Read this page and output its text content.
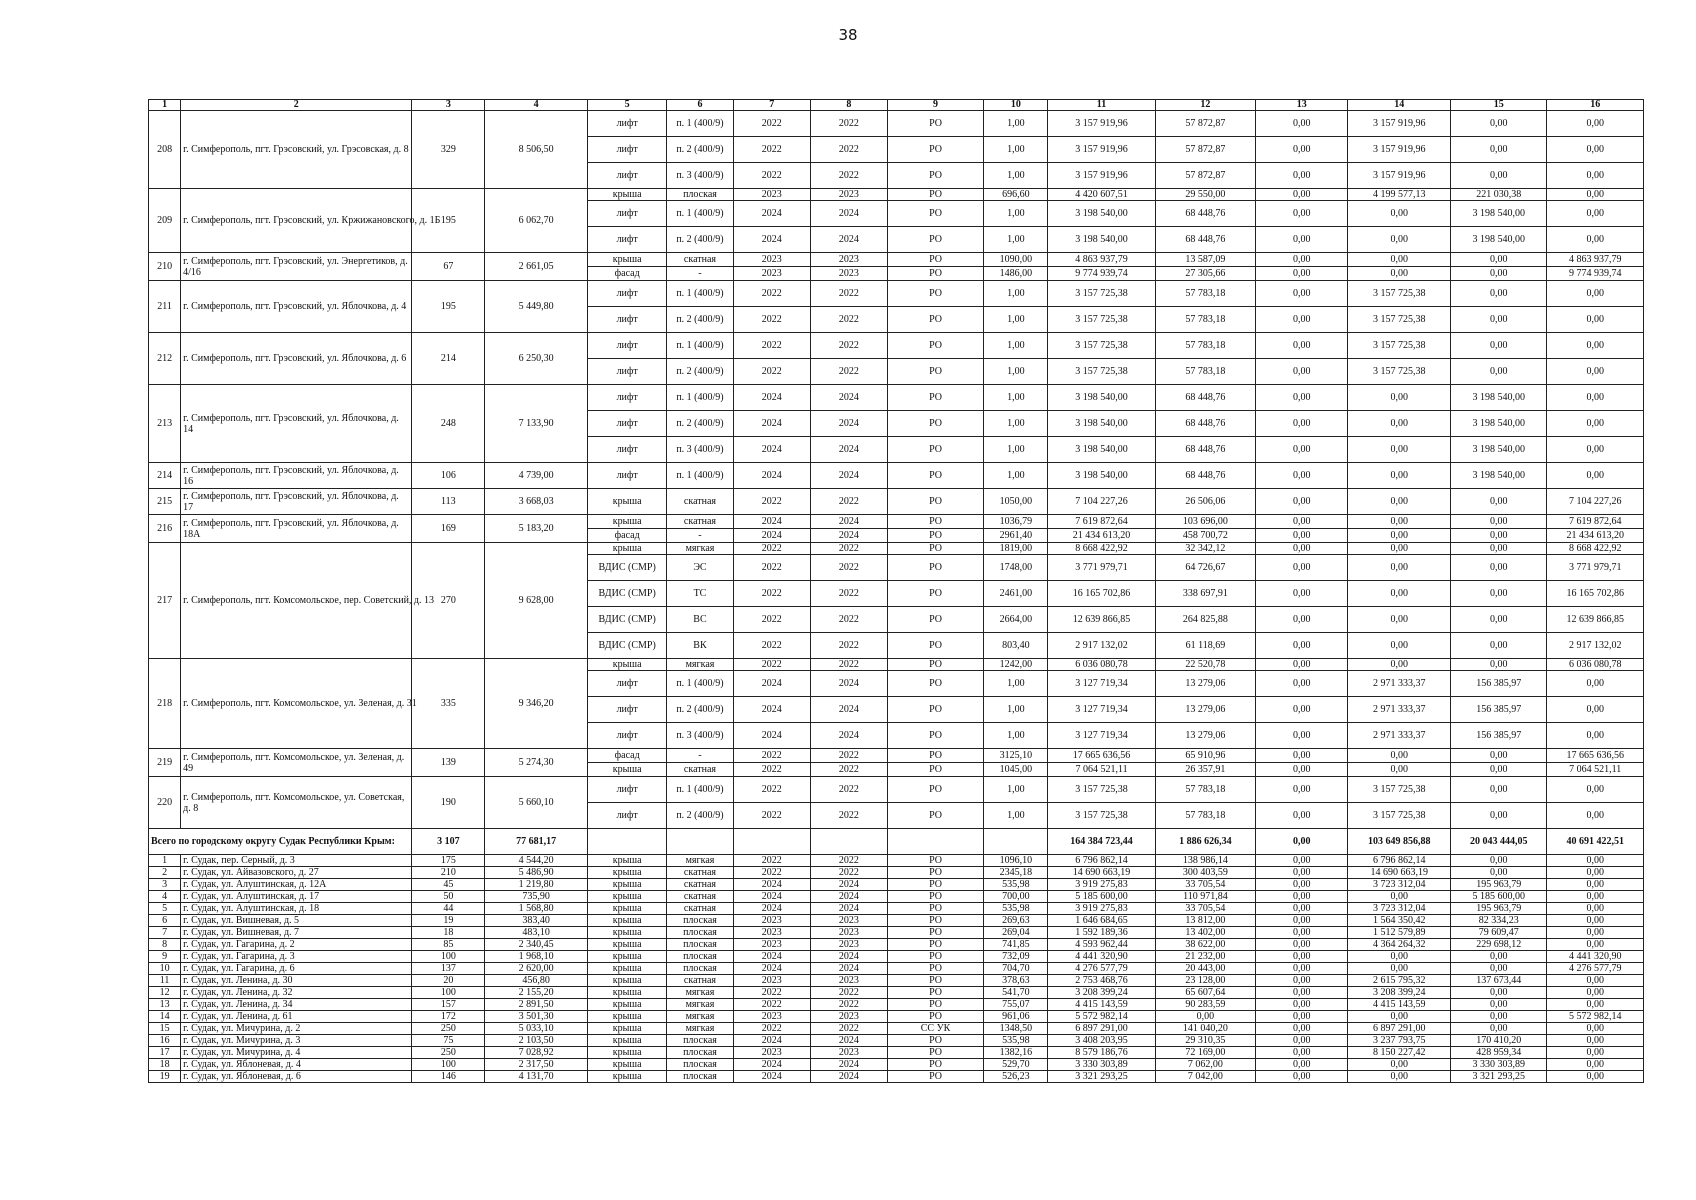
38
1	2	3	4	5	6	7	8	9	10	11	12	13	14	15	16
208	г. Симферополь, пгт. Грэсовский, ул. Грэсовская, д. 8	329	8 506,50	лифт	п. 1 (400/9)	2022	2022	РО	1,00	3 157 919,96	57 872,87	0,00	3 157 919,96	0,00	0,00
				лифт	п. 2 (400/9)	2022	2022	РО	1,00	3 157 919,96	57 872,87	0,00	3 157 919,96	0,00	0,00
				лифт	п. 3 (400/9)	2022	2022	РО	1,00	3 157 919,96	57 872,87	0,00	3 157 919,96	0,00	0,00
209	г. Симферополь, пгт. Грэсовский, ул. Кржижановского, д. 1Б	195	6 062,70	крыша	плоская	2023	2023	РО	696,60	4 420 607,51	29 550,00	0,00	4 199 577,13	221 030,38	0,00
				лифт	п. 1 (400/9)	2024	2024	РО	1,00	3 198 540,00	68 448,76	0,00	0,00	3 198 540,00	0,00
				лифт	п. 2 (400/9)	2024	2024	РО	1,00	3 198 540,00	68 448,76	0,00	0,00	3 198 540,00	0,00
210	г. Симферополь, пгт. Грэсовский, ул. Энергетиков, д. 4/16	67	2 661,05	крыша	скатная	2023	2023	РО	1090,00	4 863 937,79	13 587,09	0,00	0,00	0,00	4 863 937,79
				фасад	-	2023	2023	РО	1486,00	9 774 939,74	27 305,66	0,00	0,00	0,00	9 774 939,74
211	г. Симферополь, пгт. Грэсовский, ул. Яблочкова, д. 4	195	5 449,80	лифт	п. 1 (400/9)	2022	2022	РО	1,00	3 157 725,38	57 783,18	0,00	3 157 725,38	0,00	0,00
				лифт	п. 2 (400/9)	2022	2022	РО	1,00	3 157 725,38	57 783,18	0,00	3 157 725,38	0,00	0,00
212	г. Симферополь, пгт. Грэсовский, ул. Яблочкова, д. 6	214	6 250,30	лифт	п. 1 (400/9)	2022	2022	РО	1,00	3 157 725,38	57 783,18	0,00	3 157 725,38	0,00	0,00
				лифт	п. 2 (400/9)	2022	2022	РО	1,00	3 157 725,38	57 783,18	0,00	3 157 725,38	0,00	0,00
213	г. Симферополь, пгт. Грэсовский, ул. Яблочкова, д. 14	248	7 133,90	лифт	п. 1 (400/9)	2024	2024	РО	1,00	3 198 540,00	68 448,76	0,00	0,00	3 198 540,00	0,00
				лифт	п. 2 (400/9)	2024	2024	РО	1,00	3 198 540,00	68 448,76	0,00	0,00	3 198 540,00	0,00
				лифт	п. 3 (400/9)	2024	2024	РО	1,00	3 198 540,00	68 448,76	0,00	0,00	3 198 540,00	0,00
214	г. Симферополь, пгт. Грэсовский, ул. Яблочкова, д. 16	106	4 739,00	лифт	п. 1 (400/9)	2024	2024	РО	1,00	3 198 540,00	68 448,76	0,00	0,00	3 198 540,00	0,00
215	г. Симферополь, пгт. Грэсовский, ул. Яблочкова, д. 17	113	3 668,03	крыша	скатная	2022	2022	РО	1050,00	7 104 227,26	26 506,06	0,00	0,00	0,00	7 104 227,26
216	г. Симферополь, пгт. Грэсовский, ул. Яблочкова, д. 18А	169	5 183,20	крыша	скатная	2024	2024	РО	1036,79	7 619 872,64	103 696,00	0,00	0,00	0,00	7 619 872,64
				фасад	-	2024	2024	РО	2961,40	21 434 613,20	458 700,72	0,00	0,00	0,00	21 434 613,20
217	г. Симферополь, пгт. Комсомольское, пер. Советский, д. 13	270	9 628,00	крыша	мягкая	2022	2022	РО	1819,00	8 668 422,92	32 342,12	0,00	0,00	0,00	8 668 422,92
				ВДИС (СМР)	ЭС	2022	2022	РО	1748,00	3 771 979,71	64 726,67	0,00	0,00	0,00	3 771 979,71
				ВДИС (СМР)	ТС	2022	2022	РО	2461,00	16 165 702,86	338 697,91	0,00	0,00	0,00	16 165 702,86
				ВДИС (СМР)	ВС	2022	2022	РО	2664,00	12 639 866,85	264 825,88	0,00	0,00	0,00	12 639 866,85
				ВДИС (СМР)	ВК	2022	2022	РО	803,40	2 917 132,02	61 118,69	0,00	0,00	0,00	2 917 132,02
218	г. Симферополь, пгт. Комсомольское, ул. Зеленая, д. 31	335	9 346,20	крыша	мягкая	2022	2022	РО	1242,00	6 036 080,78	22 520,78	0,00	0,00	0,00	6 036 080,78
				лифт	п. 1 (400/9)	2024	2024	РО	1,00	3 127 719,34	13 279,06	0,00	2 971 333,37	156 385,97	0,00
				лифт	п. 2 (400/9)	2024	2024	РО	1,00	3 127 719,34	13 279,06	0,00	2 971 333,37	156 385,97	0,00
				лифт	п. 3 (400/9)	2024	2024	РО	1,00	3 127 719,34	13 279,06	0,00	2 971 333,37	156 385,97	0,00
219	г. Симферополь, пгт. Комсомольское, ул. Зеленая, д. 49	139	5 274,30	фасад	-	2022	2022	РО	3125,10	17 665 636,56	65 910,96	0,00	0,00	0,00	17 665 636,56
				крыша	скатная	2022	2022	РО	1045,00	7 064 521,11	26 357,91	0,00	0,00	0,00	7 064 521,11
220	г. Симферополь, пгт. Комсомольское, ул. Советская, д. 8	190	5 660,10	лифт	п. 1 (400/9)	2022	2022	РО	1,00	3 157 725,38	57 783,18	0,00	3 157 725,38	0,00	0,00
				лифт	п. 2 (400/9)	2022	2022	РО	1,00	3 157 725,38	57 783,18	0,00	3 157 725,38	0,00	0,00
Всего по городскому округу Судак Республики Крым:		3 107	77 681,17							164 384 723,44	1 886 626,34	0,00	103 649 856,88	20 043 444,05	40 691 422,51
1	г. Судак, пер. Серный, д. 3	175	4 544,20	крыша	мягкая	2022	2022	РО	1096,10	6 796 862,14	138 986,14	0,00	6 796 862,14	0,00	0,00
2	г. Судак, ул. Айвазовского, д. 27	210	5 486,90	крыша	скатная	2022	2022	РО	2345,18	14 690 663,19	300 403,59	0,00	14 690 663,19	0,00	0,00
3	г. Судак, ул. Алуштинская, д. 12А	45	1 219,80	крыша	скатная	2024	2024	РО	535,98	3 919 275,83	33 705,54	0,00	3 723 312,04	195 963,79	0,00
4	г. Судак, ул. Алуштинская, д. 17	50	735,90	крыша	скатная	2024	2024	РО	700,00	5 185 600,00	110 971,84	0,00	0,00	5 185 600,00	0,00
5	г. Судак, ул. Алуштинская, д. 18	44	1 568,80	крыша	скатная	2024	2024	РО	535,98	3 919 275,83	33 705,54	0,00	3 723 312,04	195 963,79	0,00
6	г. Судак, ул. Вишневая, д. 5	19	383,40	крыша	плоская	2023	2023	РО	269,63	1 646 684,65	13 812,00	0,00	1 564 350,42	82 334,23	0,00
7	г. Судак, ул. Вишневая, д. 7	18	483,10	крыша	плоская	2023	2023	РО	269,04	1 592 189,36	13 402,00	0,00	1 512 579,89	79 609,47	0,00
8	г. Судак, ул. Гагарина, д. 2	85	2 340,45	крыша	плоская	2023	2023	РО	741,85	4 593 962,44	38 622,00	0,00	4 364 264,32	229 698,12	0,00
9	г. Судак, ул. Гагарина, д. 3	100	1 968,10	крыша	плоская	2024	2024	РО	732,09	4 441 320,90	21 232,00	0,00	0,00	0,00	4 441 320,90
10	г. Судак, ул. Гагарина, д. 6	137	2 620,00	крыша	плоская	2024	2024	РО	704,70	4 276 577,79	20 443,00	0,00	0,00	0,00	4 276 577,79
11	г. Судак, ул. Ленина, д. 30	20	456,80	крыша	скатная	2023	2023	РО	378,63	2 753 468,76	23 128,00	0,00	2 615 795,32	137 673,44	0,00
12	г. Судак, ул. Ленина, д. 32	100	2 155,20	крыша	мягкая	2022	2022	РО	541,70	3 208 399,24	65 607,64	0,00	3 208 399,24	0,00	0,00
13	г. Судак, ул. Ленина, д. 34	157	2 891,50	крыша	мягкая	2022	2022	РО	755,07	4 415 143,59	90 283,59	0,00	4 415 143,59	0,00	0,00
14	г. Судак, ул. Ленина, д. 61	172	3 501,30	крыша	мягкая	2023	2023	РО	961,06	5 572 982,14	0,00	0,00	0,00	0,00	5 572 982,14
15	г. Судак, ул. Мичурина, д. 2	250	5 033,10	крыша	мягкая	2022	2022	СС УК	1348,50	6 897 291,00	141 040,20	0,00	6 897 291,00	0,00	0,00
16	г. Судак, ул. Мичурина, д. 3	75	2 103,50	крыша	плоская	2024	2024	РО	535,98	3 408 203,95	29 310,35	0,00	3 237 793,75	170 410,20	0,00
17	г. Судак, ул. Мичурина, д. 4	250	7 028,92	крыша	плоская	2023	2023	РО	1382,16	8 579 186,76	72 169,00	0,00	8 150 227,42	428 959,34	0,00
18	г. Судак, ул. Яблоневая, д. 4	100	2 317,50	крыша	плоская	2024	2024	РО	529,70	3 330 303,89	7 062,00	0,00	0,00	3 330 303,89	0,00
19	г. Судак, ул. Яблоневая, д. 6	146	4 131,70	крыша	плоская	2024	2024	РО	526,23	3 321 293,25	7 042,00	0,00	0,00	3 321 293,25	0,00
